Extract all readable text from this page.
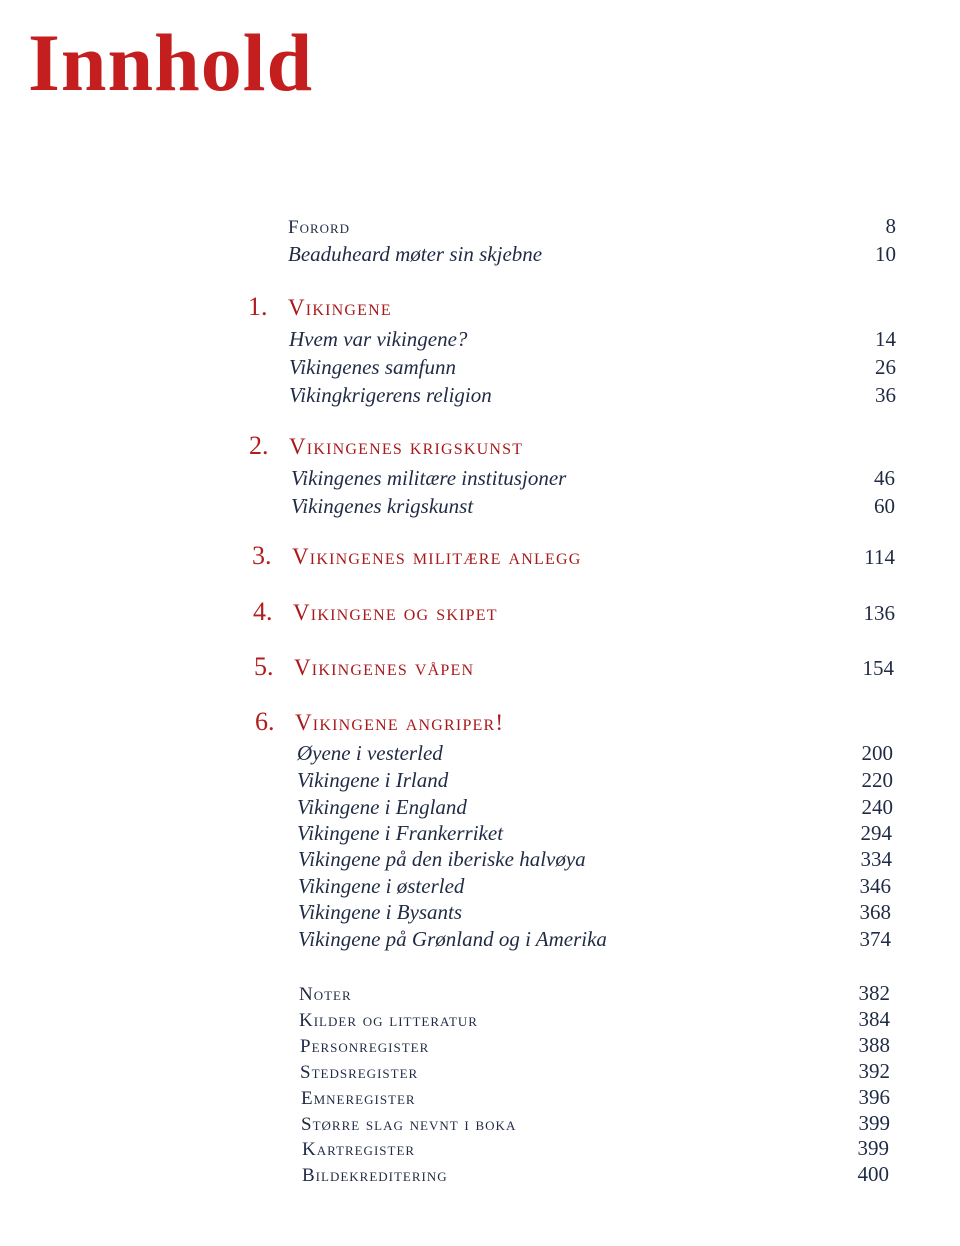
Innhold
Forord	8
Beaduheard møter sin skjebne	10
1. Vikingene
Hvem var vikingene?	14
Vikingenes samfunn	26
Vikingkrigerens religion	36
2. Vikingenes krigskunst
Vikingenes militære institusjoner	46
Vikingenes krigskunst	60
3. Vikingenes militære anlegg	114
4. Vikingene og skipet	136
5. Vikingenes våpen	154
6. Vikingene angriper!
Øyene i vesterled	200
Vikingene i Irland	220
Vikingene i England	240
Vikingene i Frankerriket	294
Vikingene på den iberiske halvøya	334
Vikingene i østerled	346
Vikingene i Bysants	368
Vikingene på Grønland og i Amerika	374
Noter	382
Kilder og litteratur	384
Personregister	388
Stedsregister	392
Emneregister	396
Større slag nevnt i boka	399
Kartregister	399
Bildekreditering	400
